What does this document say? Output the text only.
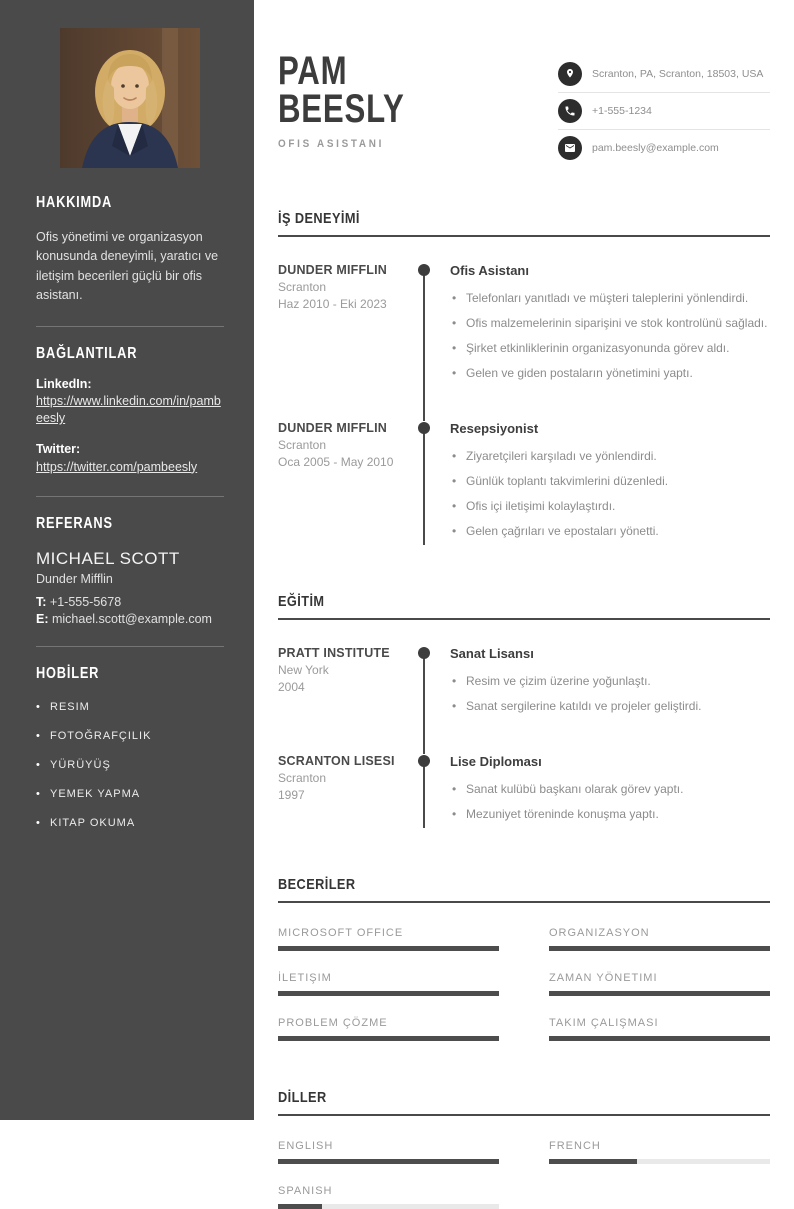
HAKKIMDA

Ofis yönetimi ve organizasyon konusunda deneyimli, yaratıcı ve iletişim becerileri güçlü bir ofis asistanı.

BAĞLANTILAR
LinkedIn:
https://www.linkedin.com/in/pambeesly
Twitter:
https://twitter.com/pambeesly
REFERANS
MICHAEL SCOTT
Dunder Mifflin
T: +1-555-5678
E: michael.scott@example.com
HOBİLER
• RESIM
• FOTOĞRAFÇILIK
• YÜRÜYÜŞ
• YEMEK YAPMA
• KITAP OKUMA
PAM
BEESLY
OFIS ASISTANI
Scranton, PA, Scranton, 18503, USA
+1-555-1234
pam.beesly@example.com
İŞ DENEYİMİ
DUNDER MIFFLIN
Scranton
Haz 2010 - Eki 2023
Ofis Asistanı
• Telefonları yanıtladı ve müşteri taleplerini yönlendirdi.
• Ofis malzemelerinin siparişini ve stok kontrolünü sağladı.
• Şirket etkinliklerinin organizasyonunda görev aldı.
• Gelen ve giden postaların yönetimini yaptı.
DUNDER MIFFLIN
Scranton
Oca 2005 - May 2010
Resepsiyonist
• Ziyaretçileri karşıladı ve yönlendirdi.
• Günlük toplantı takvimlerini düzenledi.
• Ofis içi iletişimi kolaylaştırdı.
• Gelen çağrıları ve epostaları yönetti.
EĞİTİM
PRATT INSTITUTE
New York
2004
Sanat Lisansı
• Resim ve çizim üzerine yoğunlaştı.
• Sanat sergilerine katıldı ve projeler geliştirdi.
SCRANTON LISESI
Scranton
1997
Lise Diploması
• Sanat kulübü başkanı olarak görev yaptı.
• Mezuniyet töreninde konuşma yaptı.
BECERİLER
MICROSOFT OFFICE	ORGANIZASYON
İLETIŞIM	ZAMAN YÖNETIMI
PROBLEM ÇÖZME	TAKIM ÇALIŞMASI
DİLLER
ENGLISH	FRENCH
SPANISH
